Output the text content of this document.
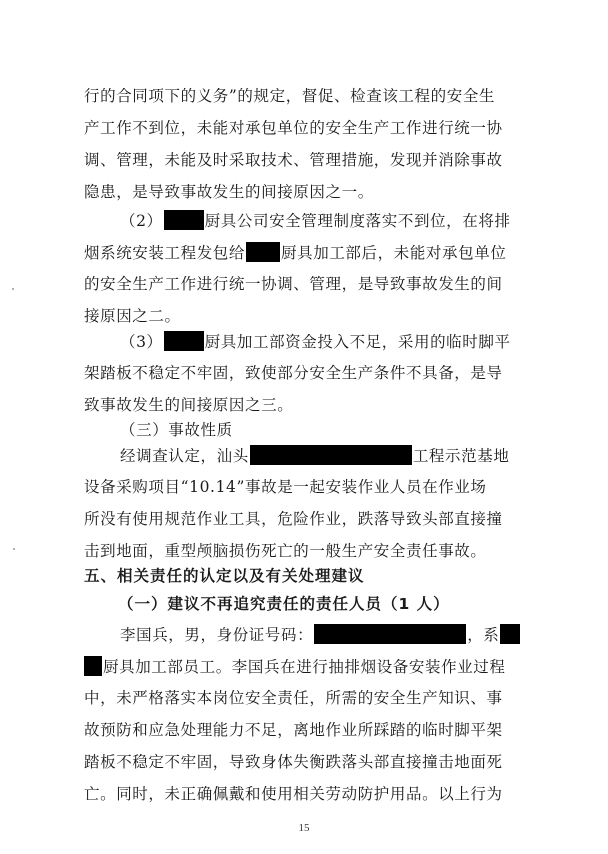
行的合同项下的义务”的规定，督促、检查该工程的安全生
产工作不到位，未能对承包单位的安全生产工作进行统一协
调、管理，未能及时采取技术、管理措施，发现并消除事故
隐患，是导致事故发生的间接原因之一。
（2）	厨具公司安全管理制度落实不到位，在将排
烟系统安装工程发包给 厨具加工部后，未能对承包单位
的安全生产工作进行统一协调、管理，是导致事故发生的间
接原因之二。
（3）	厨具加工部资金投入不足，采用的临时脚平
架踏板不稳定不牢固，致使部分安全生产条件不具备，是导
致事故发生的间接原因之三。
（三）事故性质
经调查认定，汕头	工程示范基地
设备采购项目“10.14”事故是一起安装作业人员在作业场
所没有使用规范作业工具，危险作业，跌落导致头部直接撞
击到地面，重型颅脑损伤死亡的一般生产安全责任事故。
五、相关责任的认定以及有关处理建议
（一）建议不再追究责任的责任人员（1 人）
李国兵，男，身份证号码：	，系
厨具加工部员工。李国兵在进行抽排烟设备安装作业过程
中，未严格落实本岗位安全责任，所需的安全生产知识、事
故预防和应急处理能力不足，离地作业所踩踏的临时脚平架
踏板不稳定不牢固，导致身体失衡跌落头部直接撞击地面死
亡。同时，未正确佩戴和使用相关劳动防护用品。以上行为
15
